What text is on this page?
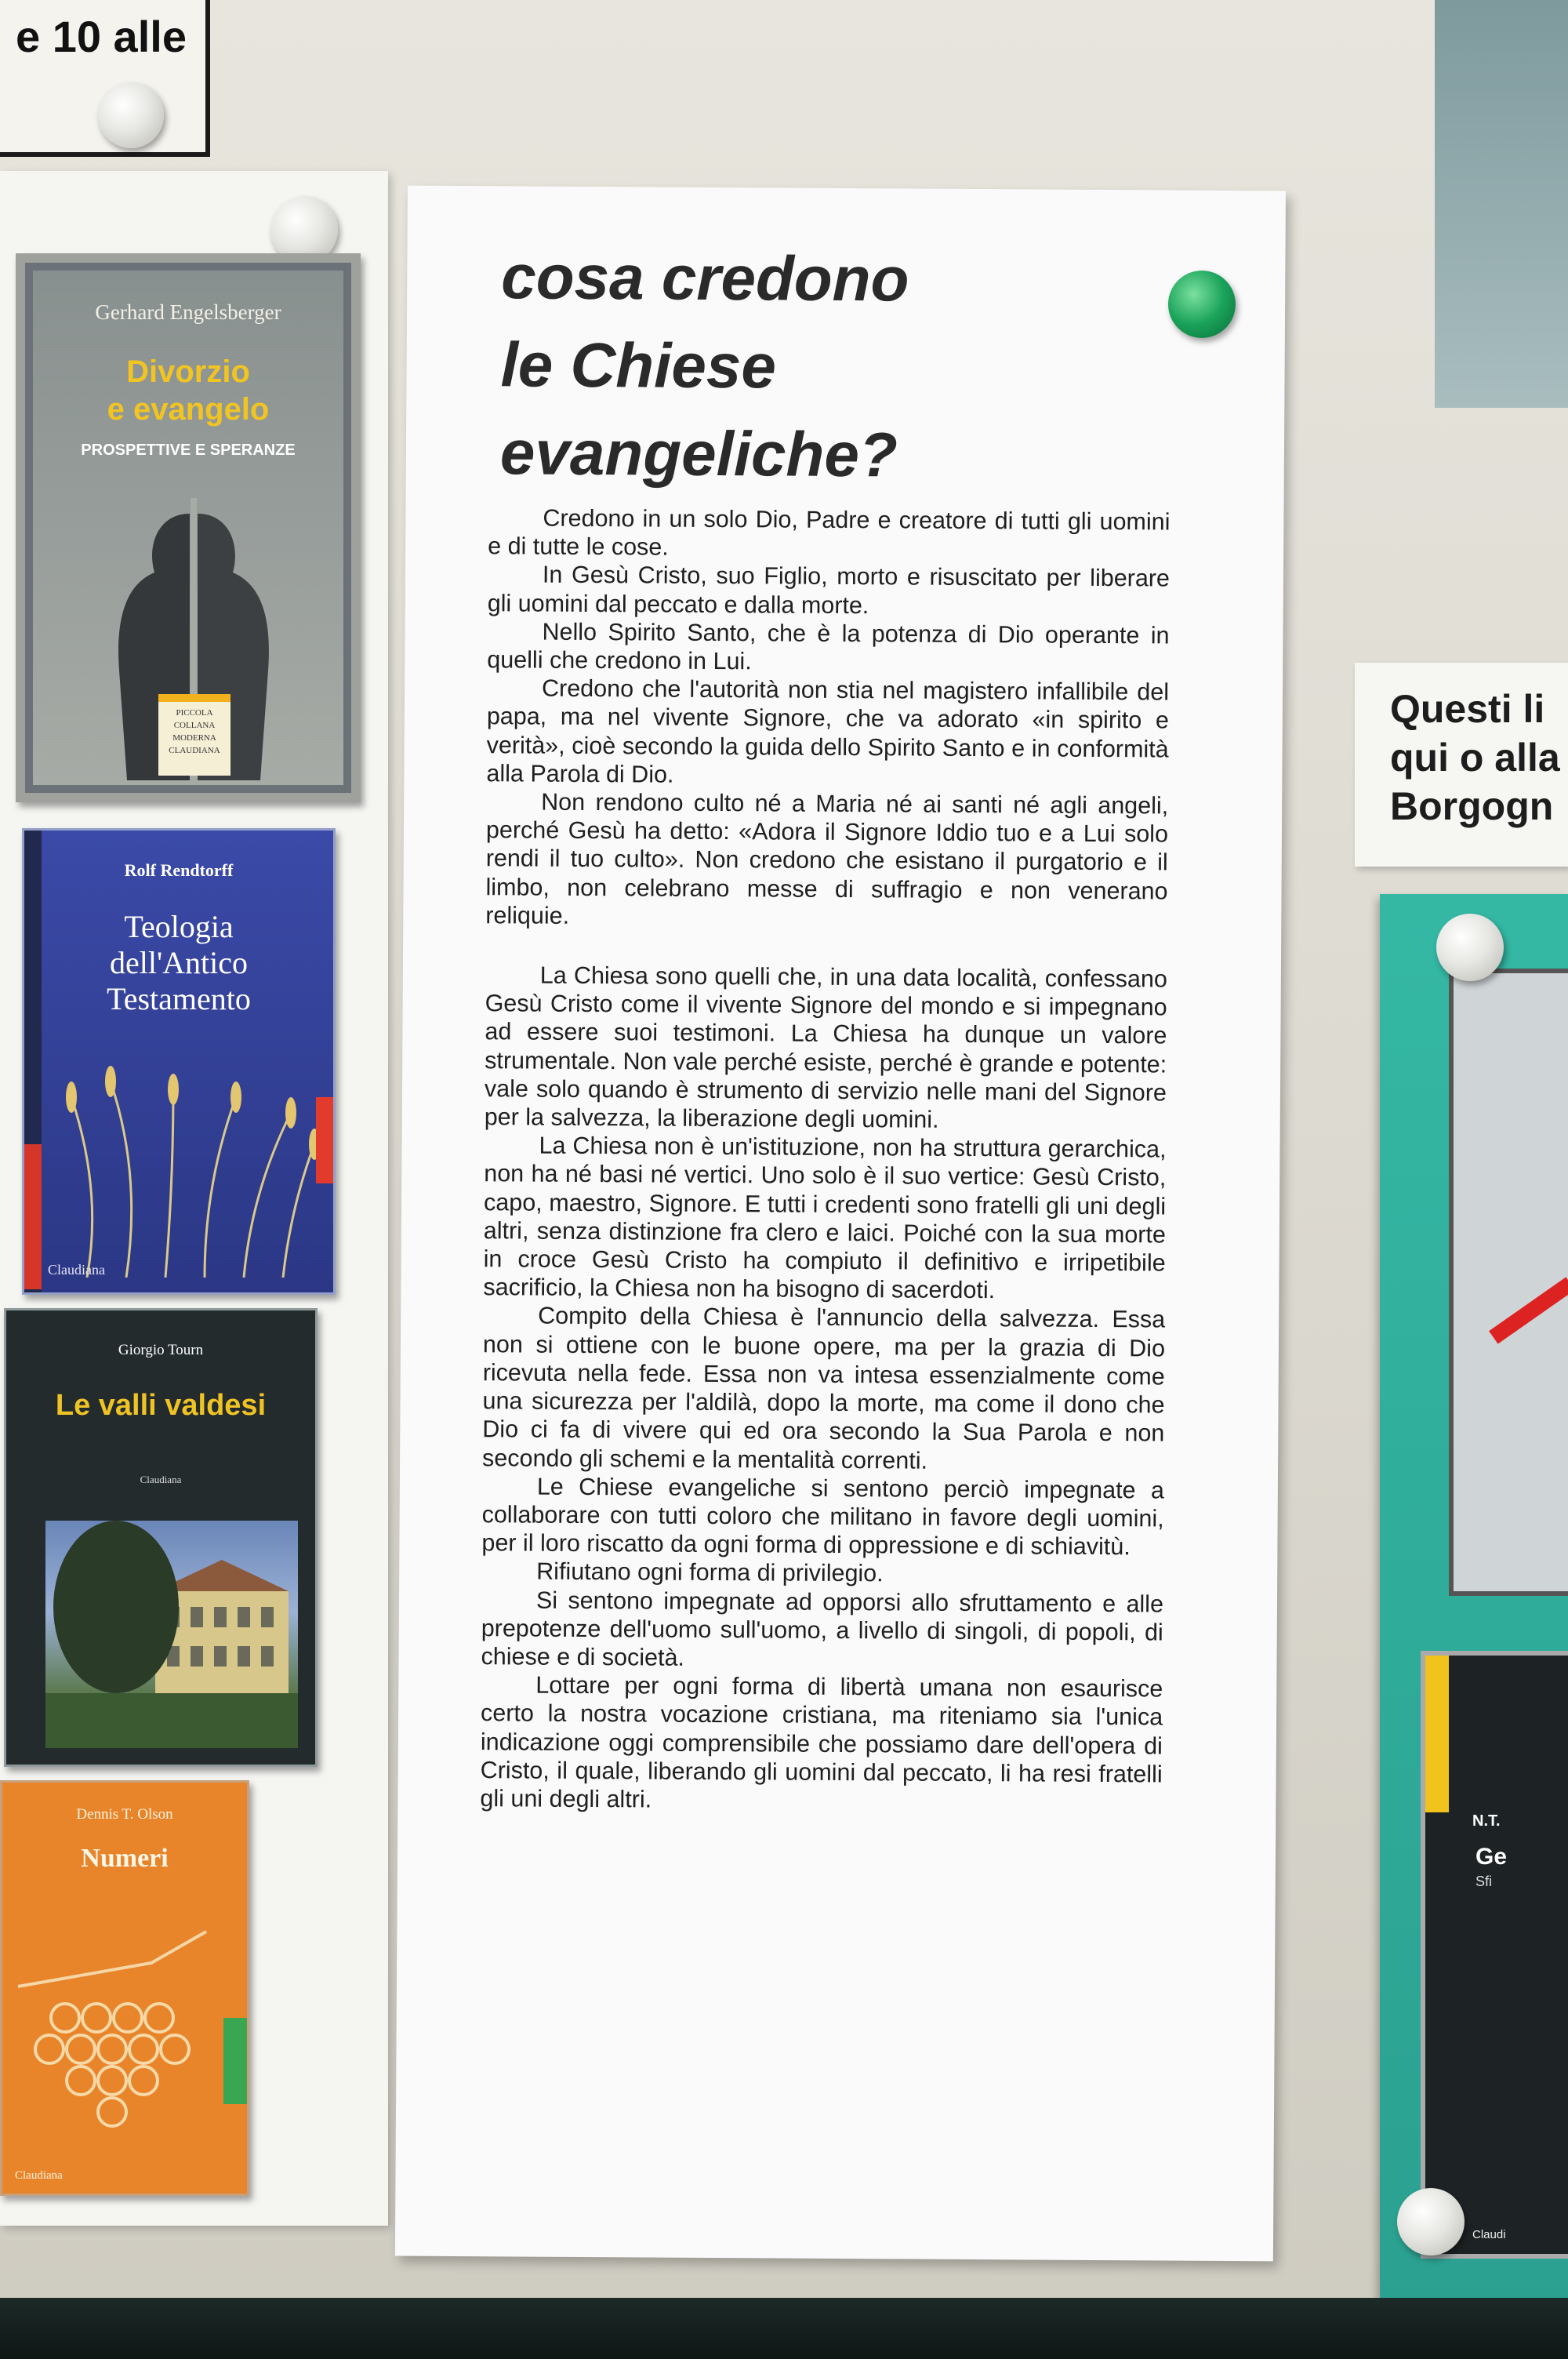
e 10 alle
Gerhard Engelsberger
Divorzio
e evangelo
PROSPETTIVE E SPERANZE
PICCOLA
COLLANA
MODERNA
CLAUDIANA
Rolf Rendtorff
Teologia
dell'Antico
Testamento
Claudiana
Giorgio Tourn
Le valli valdesi
Claudiana
Dennis T. Olson
Numeri
Claudiana
cosa credono
le Chiese
evangeliche?

Credono in un solo Dio, Padre e creatore di tutti gli uomini e di tutte le cose.

In Gesù Cristo, suo Figlio, morto e risuscitato per liberare gli uomini dal peccato e dalla morte.

Nello Spirito Santo, che è la potenza di Dio operante in quelli che credono in Lui.

Credono che l'autorità non stia nel magistero infallibile del papa, ma nel vivente Signore, che va adorato «in spirito e verità», cioè secondo la guida dello Spirito Santo e in conformità alla Parola di Dio.

Non rendono culto né a Maria né ai santi né agli angeli, perché Gesù ha detto: «Adora il Signore Iddio tuo e a Lui solo rendi il tuo culto». Non credono che esistano il purgatorio e il limbo, non celebrano messe di suffragio e non venerano reliquie.

La Chiesa sono quelli che, in una data località, confessano Gesù Cristo come il vivente Signore del mondo e si impegnano ad essere suoi testimoni. La Chiesa ha dunque un valore strumentale. Non vale perché esiste, perché è grande e potente: vale solo quando è strumento di servizio nelle mani del Signore per la salvezza, la liberazione degli uomini.

La Chiesa non è un'istituzione, non ha struttura gerarchica, non ha né basi né vertici. Uno solo è il suo vertice: Gesù Cristo, capo, maestro, Signore. E tutti i credenti sono fratelli gli uni degli altri, senza distinzione fra clero e laici. Poiché con la sua morte in croce Gesù Cristo ha compiuto il definitivo e irripetibile sacrificio, la Chiesa non ha bisogno di sacerdoti.

Compito della Chiesa è l'annuncio della salvezza. Essa non si ottiene con le buone opere, ma per la grazia di Dio ricevuta nella fede. Essa non va intesa essenzialmente come una sicurezza per l'aldilà, dopo la morte, ma come il dono che Dio ci fa di vivere qui ed ora secondo la Sua Parola e non secondo gli schemi e la mentalità correnti.

Le Chiese evangeliche si sentono perciò impegnate a collaborare con tutti coloro che militano in favore degli uomini, per il loro riscatto da ogni forma di oppressione e di schiavitù.

Rifiutano ogni forma di privilegio.

Si sentono impegnate ad opporsi allo sfruttamento e alle prepotenze dell'uomo sull'uomo, a livello di singoli, di popoli, di chiese e di società.

Lottare per ogni forma di libertà umana non esaurisce certo la nostra vocazione cristiana, ma riteniamo sia l'unica indicazione oggi comprensibile che possiamo dare dell'opera di Cristo, il quale, liberando gli uomini dal peccato, li ha resi fratelli gli uni degli altri.

Questi li
qui o alla
Borgogn
N.T.
Ge
Sfi
Claudi
